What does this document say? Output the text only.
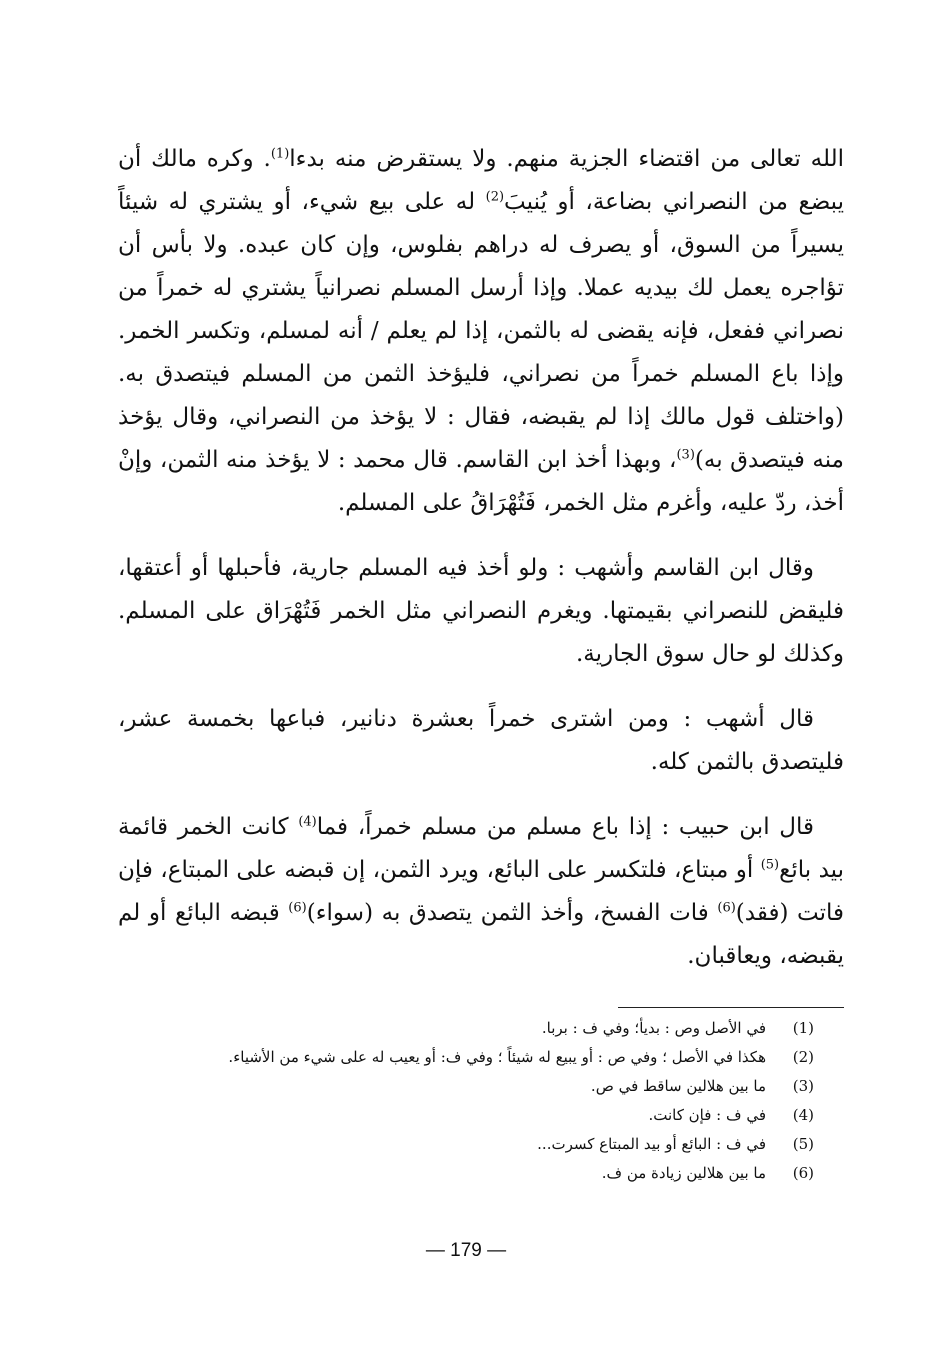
الله تعالى من اقتضاء الجزية منهم. ولا يستقرض منه بدءا$^{(1)}$. وكره مالك أن يبضع من النصراني بضاعة، أو يُنيبَ$^{(2)}$ له على بيع شيء، أو يشتري له شيئاً يسيراً من السوق، أو يصرف له دراهم بفلوس، وإن كان عبده. ولا بأس أن تؤاجره يعمل لك بيديه عملا. وإذا أرسل المسلم نصرانياً يشتري له خمراً من نصراني ففعل، فإنه يقضى له بالثمن، إذا لم يعلم / أنه لمسلم، وتكسر الخمر. وإذا باع المسلم خمراً من نصراني، فليؤخذ الثمن من المسلم فيتصدق به. (واختلف قول مالك إذا لم يقبضه، فقال : لا يؤخذ من النصراني، وقال يؤخذ منه فيتصدق به)$^{(3)}$، وبهذا أخذ ابن القاسم. قال محمد : لا يؤخذ منه الثمن، وإنْ أخذ، ردّ عليه، وأغرم مثل الخمر، فَتُهْرَاقُ على المسلم.

وقال ابن القاسم وأشهب : ولو أخذ فيه المسلم جارية، فأحبلها أو أعتقها، فليقض للنصراني بقيمتها. ويغرم النصراني مثل الخمر فَتُهْرَاق على المسلم. وكذلك لو حال سوق الجارية.

قال أشهب : ومن اشترى خمراً بعشرة دنانير، فباعها بخمسة عشر، فليتصدق بالثمن كله.

قال ابن حبيب : إذا باع مسلم من مسلم خمراً، فما$^{(4)}$ كانت الخمر قائمة بيد بائع$^{(5)}$ أو مبتاع، فلتكسر على البائع، ويرد الثمن، إن قبضه على المبتاع، فإن فاتت (فقد)$^{(6)}$ فات الفسخ، وأخذ الثمن يتصدق به (سواء)$^{(6)}$ قبضه البائع أو لم يقبضه، ويعاقبان.

(1)
في الأصل وص : بديأ؛ وفي ف : بربا.
(2)
هكذا في الأصل ؛ وفي ص : أو يبيع له شيئاً ؛ وفي ف: أو يعيب له على شيء من الأشياء.
(3)
ما بين هلالين ساقط في ص.
(4)
في ف : فإن كانت.
(5)
في ف : البائع أو بيد المبتاع كسرت...
(6)
ما بين هلالين زيادة من ف.
— 179 —
